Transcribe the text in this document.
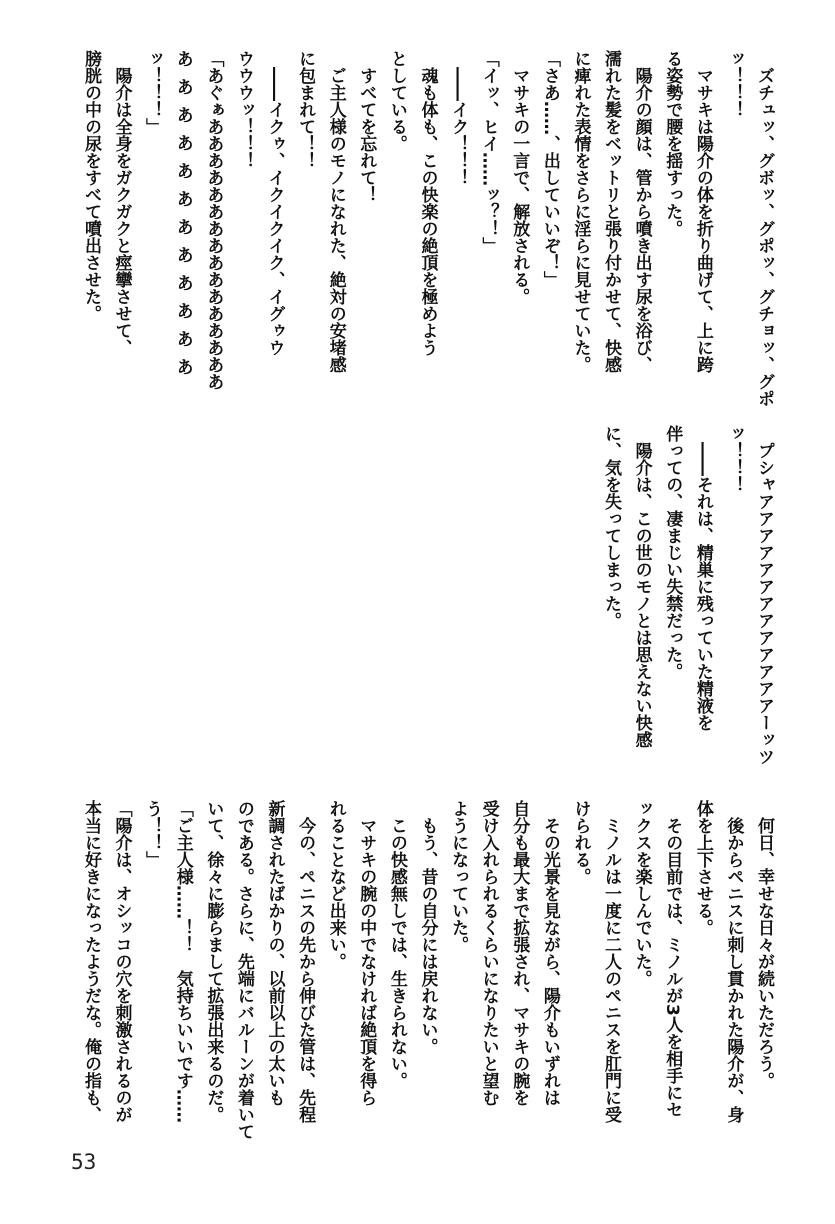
　ズチュッ、グボッ、グポッ、グチョッ、グポ
ッ！！！
　マサキは陽介の体を折り曲げて、上に跨
る姿勢で腰を揺すった。
　陽介の顔は、管から噴き出す尿を浴び、
濡れた髪をベットリと張り付かせて、快感
に痺れた表情をさらに淫らに見せていた。
「さあ……、出していいぞ！」
　マサキの一言で、解放される。
「イッ、ヒイ……ッ？！」
　――イク！！！
　魂も体も、この快楽の絶頂を極めよう
としている。
　すべてを忘れて！
　ご主人様のモノになれた、絶対の安堵感
に包まれて！！
　――イクゥ、イクイクイク、イグゥウ
ウウウッ！！！
「あぐぁああああああああああああああああ
ああああああああああああ
ッ！！！」
　陽介は全身をガクガクと痙攣させて、
膀胱の中の尿をすべて噴出させた。
　プシャアアアアアアアアアアアアアーッツ
ッ！！！
　――それは、精巣に残っていた精液を
伴っての、凄まじい失禁だった。
　陽介は、この世のモノとは思えない快感
に、気を失ってしまった。
　何日、幸せな日々が続いただろう。
　後からペニスに刺し貫かれた陽介が、身
体を上下させる。
　その目前では、ミノルが3人を相手にセ
ックスを楽しんでいた。
　ミノルは一度に二人のペニスを肛門に受
けられる。
　その光景を見ながら、陽介もいずれは
自分も最大まで拡張され、マサキの腕を
受け入れられるくらいになりたいと望む
ようになっていた。
　もう、昔の自分には戻れない。
　この快感無しでは、生きられない。
　マサキの腕の中でなければ絶頂を得ら
れることなど出来い。
　今の、ペニスの先から伸びた管は、先程
新調されたばかりの、以前以上の太いも
のである。さらに、先端にバルーンが着いて
いて、徐々に膨らまして拡張出来るのだ。
「ご主人様……！！　気持ちいいです……
う！！」
「陽介は、オシッコの穴を刺激されるのが
本当に好きになったようだな。俺の指も、
53
